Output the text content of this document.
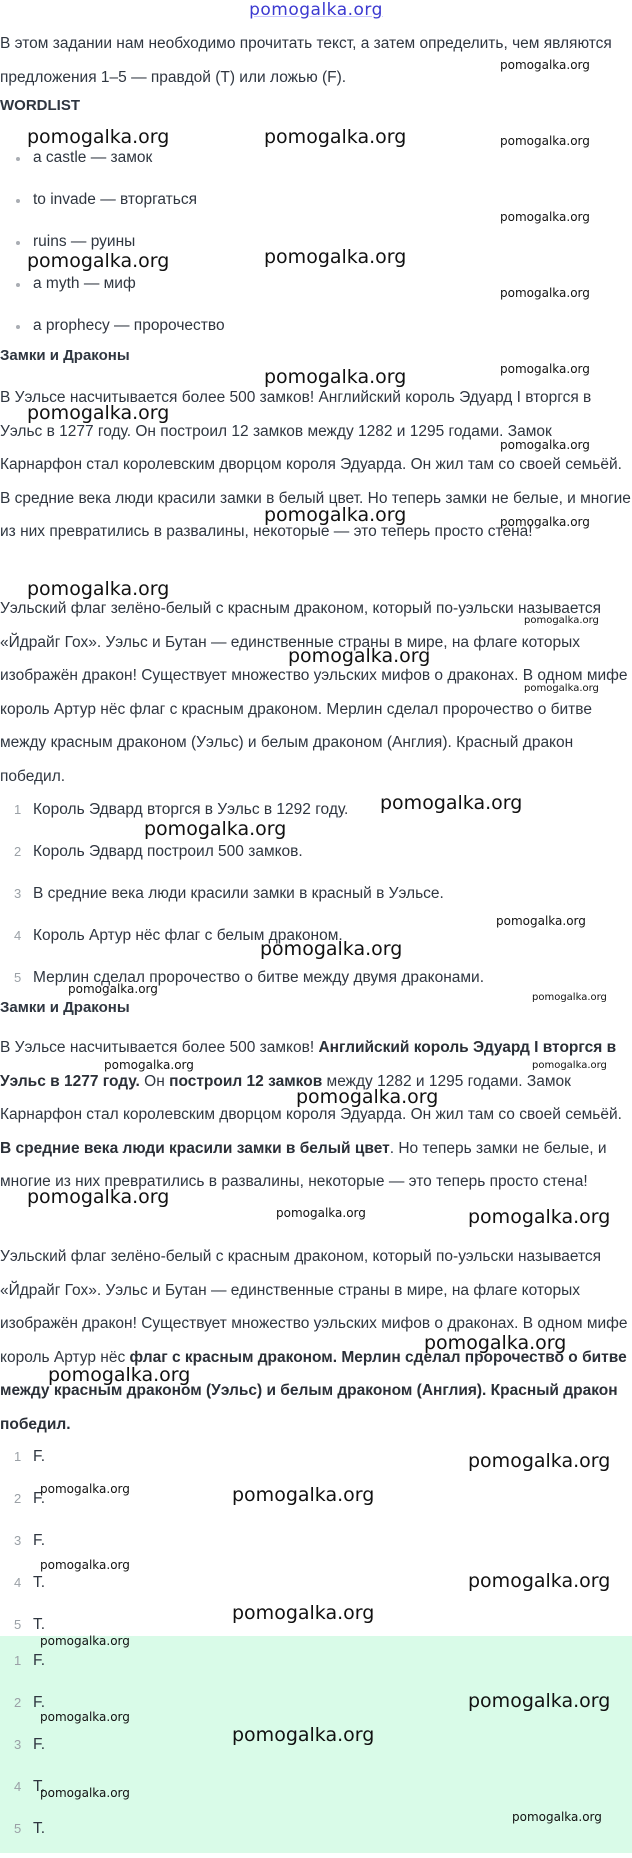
pomogalka.org

В этом задании нам необходимо прочитать текст, а затем определить, чем являются предложения 1–5 — правдой (T) или ложью (F).

WORDLIST
a castle — замок
to invade — вторгаться
ruins — руины
a myth — миф
a prophecy — пророчество
Замки и Драконы

В Уэльсе насчитывается более 500 замков! Английский король Эдуард I вторгся в Уэльс в 1277 году. Он построил 12 замков между 1282 и 1295 годами. Замок Карнарфон стал королевским дворцом короля Эдуарда. Он жил там со своей семьёй. В средние века люди красили замки в белый цвет. Но теперь замки не белые, и многие из них превратились в развалины, некоторые — это теперь просто стена!

Уэльский флаг зелёно-белый с красным драконом, который по-уэльски называется «Йдрайг Гох». Уэльс и Бутан — единственные страны в мире, на флаге которых изображён дракон! Существует множество уэльских мифов о драконах. В одном мифе король Артур нёс флаг с красным драконом. Мерлин сделал пророчество о битве между красным драконом (Уэльс) и белым драконом (Англия). Красный дракон победил.

1 Король Эдвард вторгся в Уэльс в 1292 году.
2 Король Эдвард построил 500 замков.
3 В средние века люди красили замки в красный в Уэльсе.
4 Король Артур нёс флаг с белым драконом.
5 Мерлин сделал пророчество о битве между двумя драконами.
Замки и Драконы

В Уэльсе насчитывается более 500 замков! Английский король Эдуард I вторгся в Уэльс в 1277 году. Он построил 12 замков между 1282 и 1295 годами. Замок Карнарфон стал королевским дворцом короля Эдуарда. Он жил там со своей семьёй. В средние века люди красили замки в белый цвет. Но теперь замки не белые, и многие из них превратились в развалины, некоторые — это теперь просто стена!

Уэльский флаг зелёно-белый с красным драконом, который по-уэльски называется «Йдрайг Гох». Уэльс и Бутан — единственные страны в мире, на флаге которых изображён дракон! Существует множество уэльских мифов о драконах. В одном мифе король Артур нёс флаг с красным драконом. Мерлин сделал пророчество о битве между красным драконом (Уэльс) и белым драконом (Англия). Красный дракон победил.

1 F.
2 F.
3 F.
4 T.
5 T.
1 F.
2 F.
3 F.
4 T.
5 T.
pomogalka.org
pomogalka.org	pomogalka.org	pomogalka.org
pomogalka.org
pomogalka.org	pomogalka.org
pomogalka.org
pomogalka.org
pomogalka.org
pomogalka.org
pomogalka.org
pomogalka.org	pomogalka.org
pomogalka.org
pomogalka.org
pomogalka.org
pomogalka.org
pomogalka.org
pomogalka.org
pomogalka.org
pomogalka.org
pomogalka.org
pomogalka.org
pomogalka.org	pomogalka.org
pomogalka.org
pomogalka.org
pomogalka.org	pomogalka.org
pomogalka.org
pomogalka.org
pomogalka.org
pomogalka.org	pomogalka.org
pomogalka.org
pomogalka.org
pomogalka.org
pomogalka.org
pomogalka.org
pomogalka.org
pomogalka.org
pomogalka.org
pomogalka.org
